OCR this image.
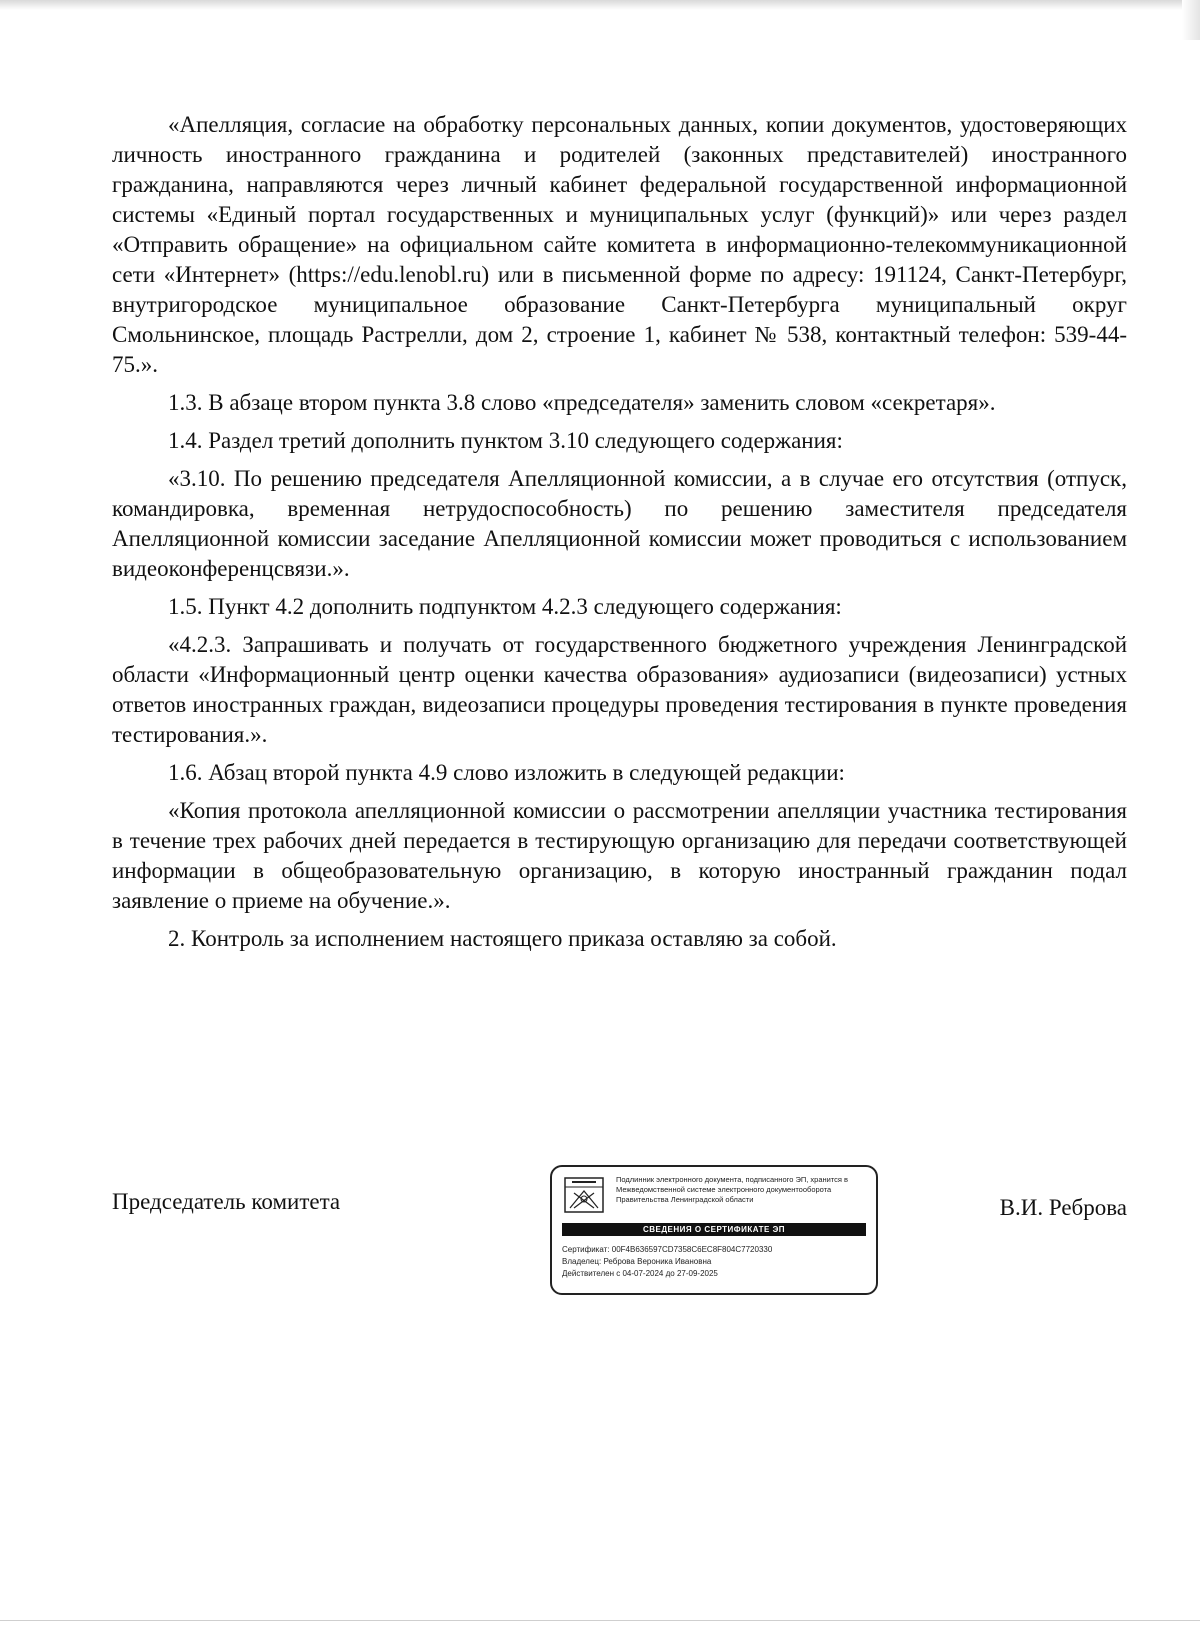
«Апелляция, согласие на обработку персональных данных, копии документов, удостоверяющих личность иностранного гражданина и родителей (законных представителей) иностранного гражданина, направляются через личный кабинет федеральной государственной информационной системы «Единый портал государственных и муниципальных услуг (функций)» или через раздел «Отправить обращение» на официальном сайте комитета в информационно-телекоммуникационной сети «Интернет» (https://edu.lenobl.ru) или в письменной форме по адресу: 191124, Санкт-Петербург, внутригородское муниципальное образование Санкт-Петербурга муниципальный округ Смольнинское, площадь Растрелли, дом 2, строение 1, кабинет № 538, контактный телефон: 539-44-75.».

1.3. В абзаце втором пункта 3.8 слово «председателя» заменить словом «секретаря».

1.4. Раздел третий дополнить пунктом 3.10 следующего содержания:

«3.10. По решению председателя Апелляционной комиссии, а в случае его отсутствия (отпуск, командировка, временная нетрудоспособность) по решению заместителя председателя Апелляционной комиссии заседание Апелляционной комиссии может проводиться с использованием видеоконференцсвязи.».

1.5. Пункт 4.2 дополнить подпунктом 4.2.3 следующего содержания:

«4.2.3. Запрашивать и получать от государственного бюджетного учреждения Ленинградской области «Информационный центр оценки качества образования» аудиозаписи (видеозаписи) устных ответов иностранных граждан, видеозаписи процедуры проведения тестирования в пункте проведения тестирования.».

1.6. Абзац второй пункта 4.9 слово изложить в следующей редакции:

«Копия протокола апелляционной комиссии о рассмотрении апелляции участника тестирования в течение трех рабочих дней передается в тестирующую организацию для передачи соответствующей информации в общеобразовательную организацию, в которую иностранный гражданин подал заявление о приеме на обучение.».

2. Контроль за исполнением настоящего приказа оставляю за собой.

Председатель комитета
Подлинник электронного документа, подписанного ЭП, хранится в Межведомственной системе электронного документооборота Правительства Ленинградской области
СВЕДЕНИЯ О СЕРТИФИКАТЕ ЭП
Сертификат: 00F4B636597CD7358C6EC8F804C7720330
Владелец: Реброва Вероника Ивановна
Действителен с 04-07-2024 до 27-09-2025
В.И. Реброва
